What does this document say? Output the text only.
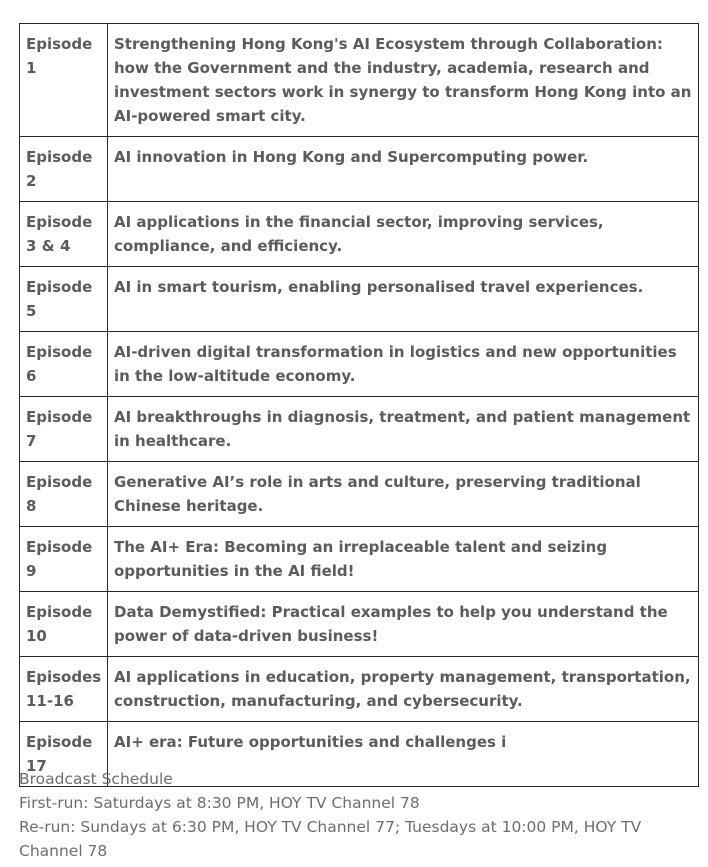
Episode 1	Strengthening Hong Kong's AI Ecosystem through Collaboration: how the Government and the industry, academia, research and investment sectors work in synergy to transform Hong Kong into an AI-powered smart city.
Episode 2	AI innovation in Hong Kong and Supercomputing power.
Episode 3 & 4	AI applications in the financial sector, improving services, compliance, and efficiency.
Episode 5	AI in smart tourism, enabling personalised travel experiences.
Episode 6	AI-driven digital transformation in logistics and new opportunities in the low-altitude economy.
Episode 7	AI breakthroughs in diagnosis, treatment, and patient management in healthcare.
Episode 8	Generative AI’s role in arts and culture, preserving traditional Chinese heritage.
Episode 9	The AI+ Era: Becoming an irreplaceable talent and seizing opportunities in the AI field!
Episode 10	Data Demystified: Practical examples to help you understand the power of data-driven business!
Episodes 11-16	AI applications in education, property management, transportation, construction, manufacturing, and cybersecurity.
Episode 17	AI+ era: Future opportunities and challenges i
Broadcast Schedule
First-run: Saturdays at 8:30 PM, HOY TV Channel 78
Re-run: Sundays at 6:30 PM, HOY TV Channel 77; Tuesdays at 10:00 PM, HOY TV Channel 78
